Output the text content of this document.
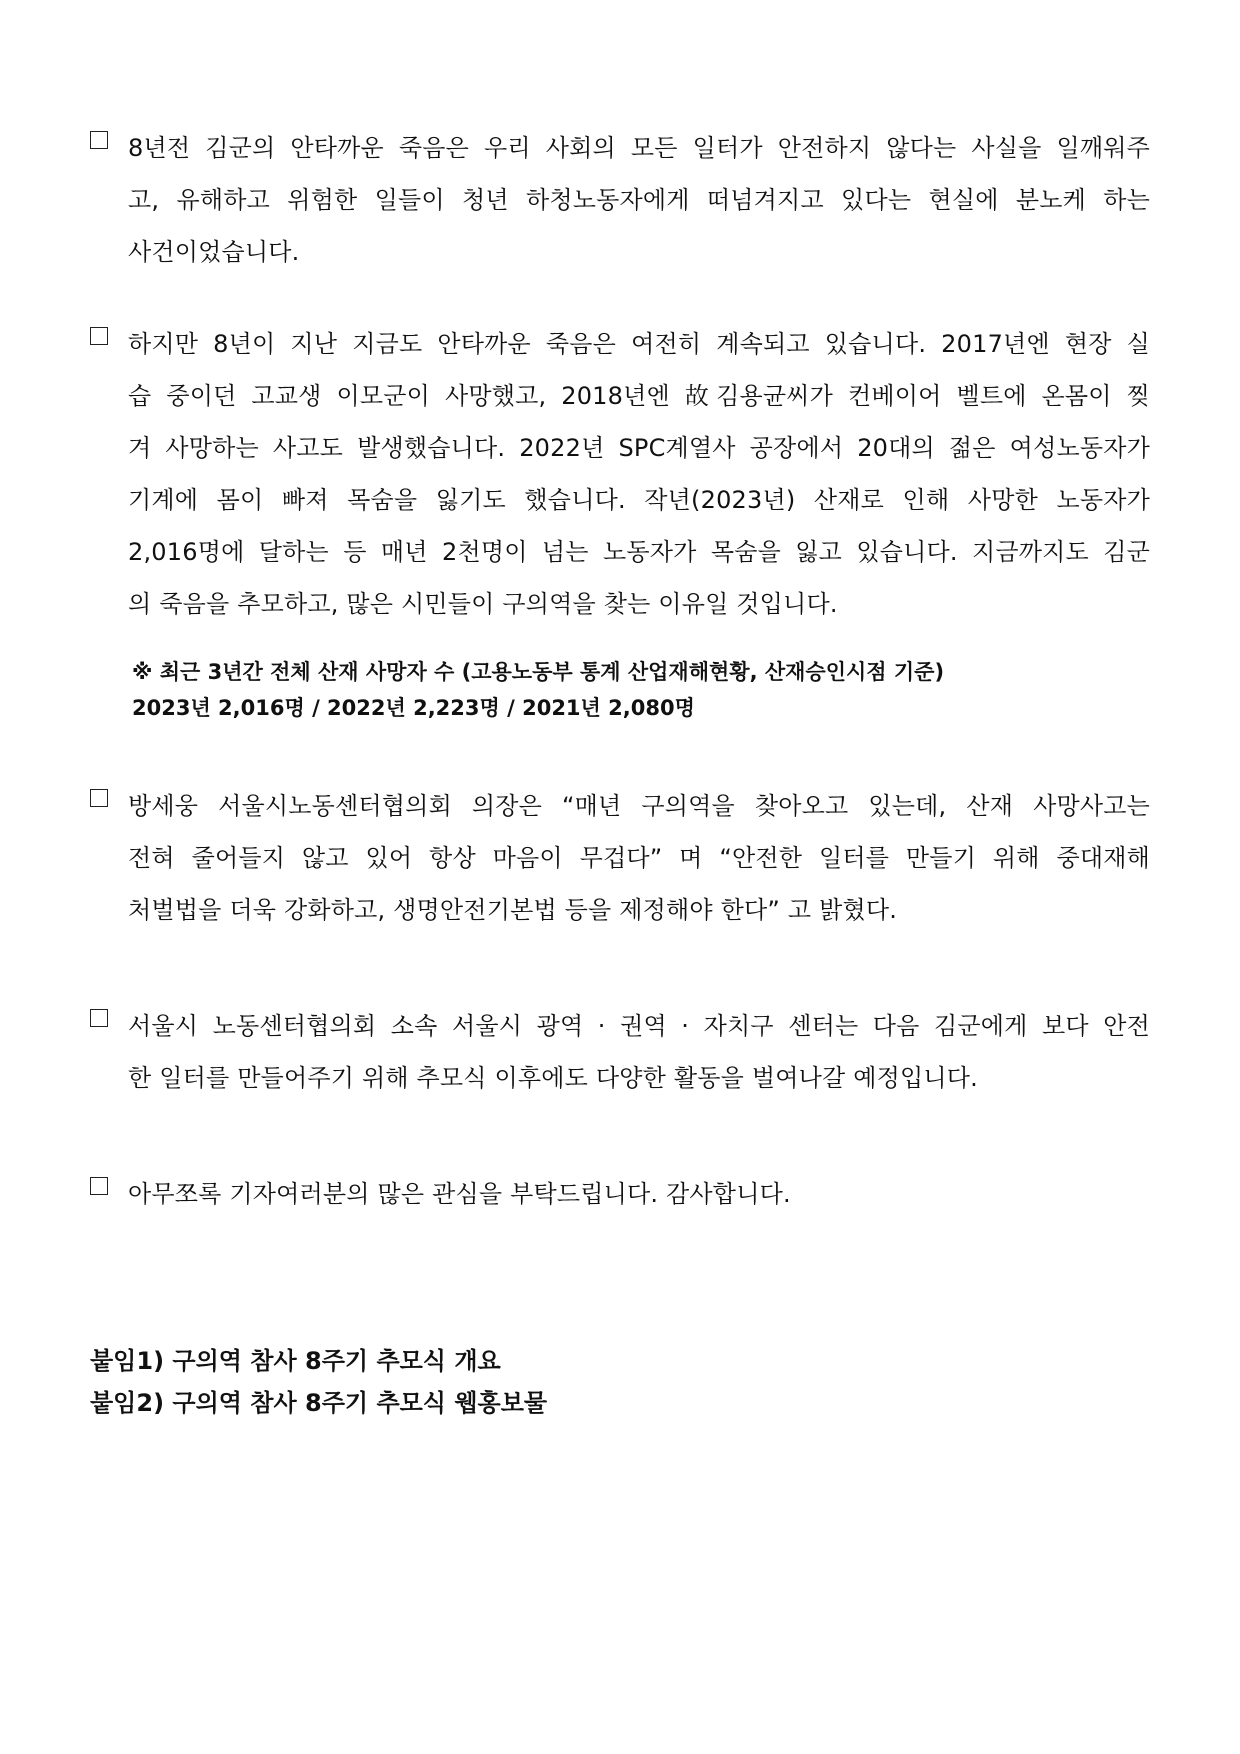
8년전 김군의 안타까운 죽음은 우리 사회의 모든 일터가 안전하지 않다는 사실을 일깨워주
고, 유해하고 위험한 일들이 청년 하청노동자에게 떠넘겨지고 있다는 현실에 분노케 하는
사건이었습니다.
하지만 8년이 지난 지금도 안타까운 죽음은 여전히 계속되고 있습니다. 2017년엔 현장 실
습 중이던 고교생 이모군이 사망했고, 2018년엔 故김용균씨가 컨베이어 벨트에 온몸이 찢
겨 사망하는 사고도 발생했습니다. 2022년 SPC계열사 공장에서 20대의 젊은 여성노동자가
기계에 몸이 빠져 목숨을 잃기도 했습니다. 작년(2023년) 산재로 인해 사망한 노동자가
2,016명에 달하는 등 매년 2천명이 넘는 노동자가 목숨을 잃고 있습니다. 지금까지도 김군
의 죽음을 추모하고, 많은 시민들이 구의역을 찾는 이유일 것입니다.
※ 최근 3년간 전체 산재 사망자 수 (고용노동부 통계 산업재해현황, 산재승인시점 기준)
2023년 2,016명 / 2022년 2,223명 / 2021년 2,080명
방세웅 서울시노동센터협의회 의장은 “매년 구의역을 찾아오고 있는데, 산재 사망사고는
전혀 줄어들지 않고 있어 항상 마음이 무겁다” 며 “안전한 일터를 만들기 위해 중대재해
처벌법을 더욱 강화하고, 생명안전기본법 등을 제정해야 한다” 고 밝혔다.
서울시 노동센터협의회 소속 서울시 광역 · 권역 · 자치구 센터는 다음 김군에게 보다 안전
한 일터를 만들어주기 위해 추모식 이후에도 다양한 활동을 벌여나갈 예정입니다.
아무쪼록 기자여러분의 많은 관심을 부탁드립니다. 감사합니다.
붙임1) 구의역 참사 8주기 추모식 개요
붙임2) 구의역 참사 8주기 추모식 웹홍보물
